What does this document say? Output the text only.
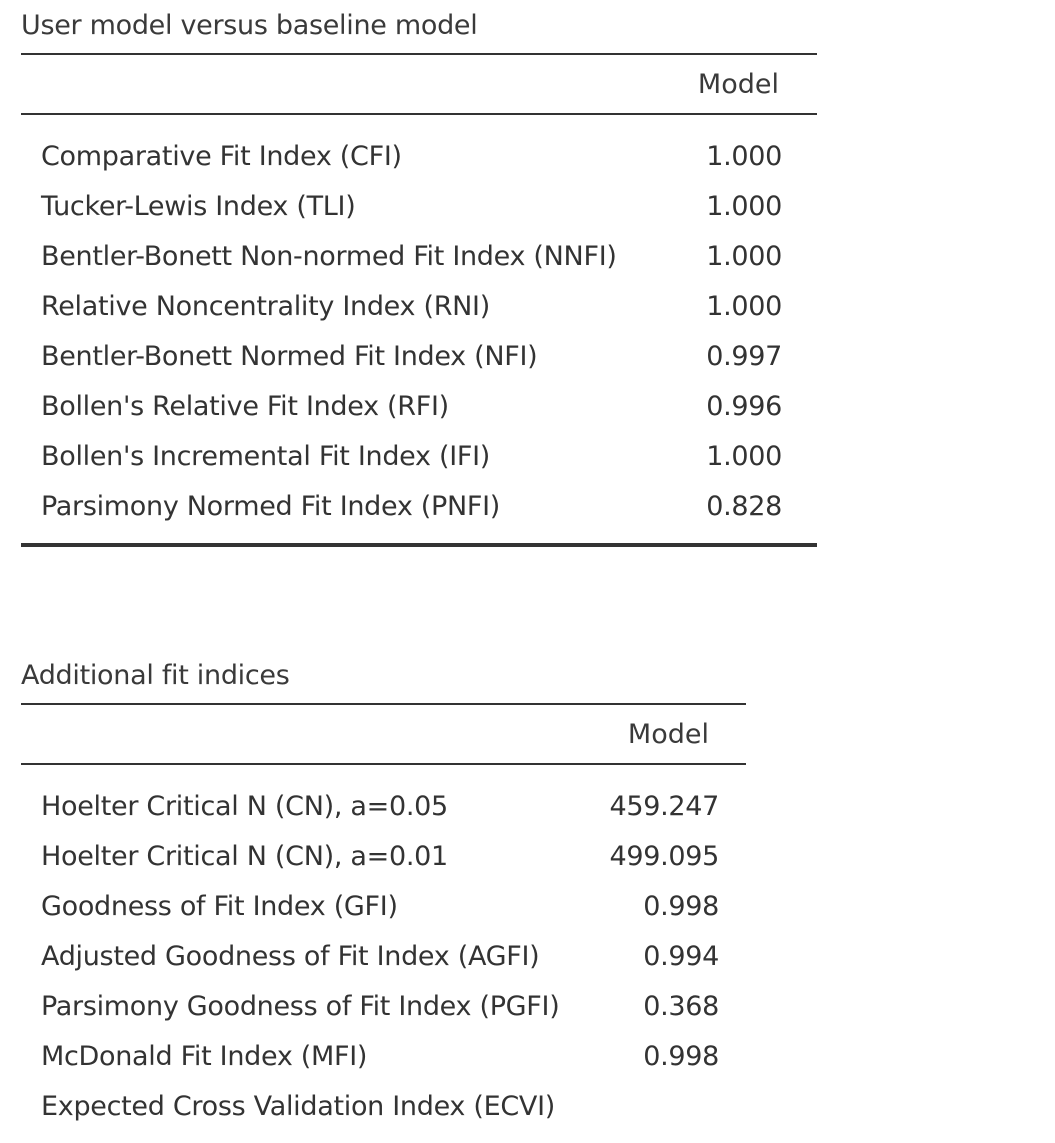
User model versus baseline model
	Model
Comparative Fit Index (CFI)	1.000
Tucker-Lewis Index (TLI)	1.000
Bentler-Bonett Non-normed Fit Index (NNFI)	1.000
Relative Noncentrality Index (RNI)	1.000
Bentler-Bonett Normed Fit Index (NFI)	0.997
Bollen's Relative Fit Index (RFI)	0.996
Bollen's Incremental Fit Index (IFI)	1.000
Parsimony Normed Fit Index (PNFI)	0.828
Additional fit indices
	Model
Hoelter Critical N (CN), a=0.05	459.247
Hoelter Critical N (CN), a=0.01	499.095
Goodness of Fit Index (GFI)	0.998
Adjusted Goodness of Fit Index (AGFI)	0.994
Parsimony Goodness of Fit Index (PGFI)	0.368
McDonald Fit Index (MFI)	0.998
Expected Cross Validation Index (ECVI)	
